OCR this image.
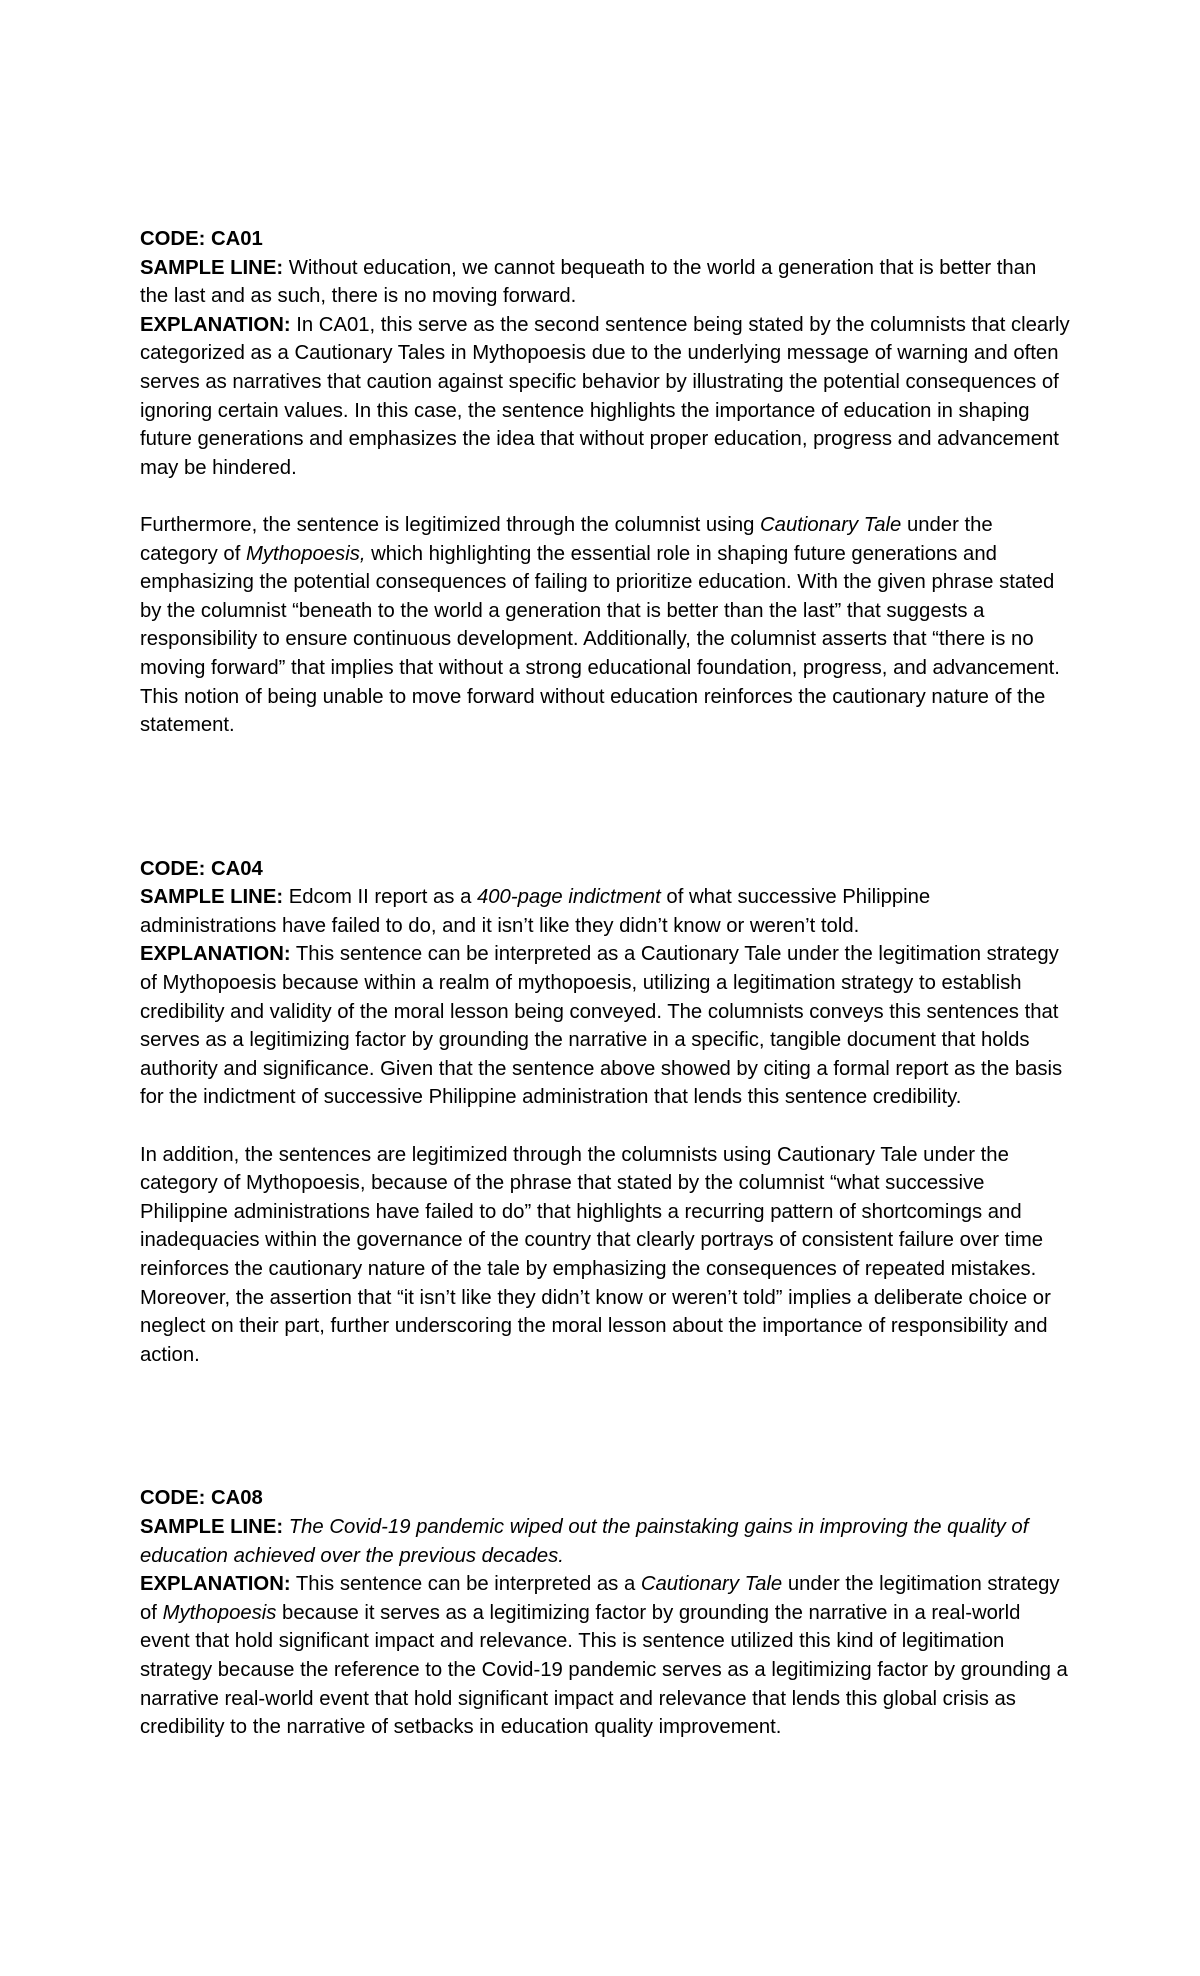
CODE: CA01

SAMPLE LINE: Without education, we cannot bequeath to the world a generation that is better than the last and as such, there is no moving forward.

EXPLANATION: In CA01, this serve as the second sentence being stated by the columnists that clearly categorized as a Cautionary Tales in Mythopoesis due to the underlying message of warning and often serves as narratives that caution against specific behavior by illustrating the potential consequences of ignoring certain values. In this case, the sentence highlights the importance of education in shaping future generations and emphasizes the idea that without proper education, progress and advancement may be hindered.

Furthermore, the sentence is legitimized through the columnist using Cautionary Tale under the category of Mythopoesis, which highlighting the essential role in shaping future generations and emphasizing the potential consequences of failing to prioritize education. With the given phrase stated by the columnist “beneath to the world a generation that is better than the last” that suggests a responsibility to ensure continuous development. Additionally, the columnist asserts that “there is no moving forward” that implies that without a strong educational foundation, progress, and advancement. This notion of being unable to move forward without education reinforces the cautionary nature of the statement.

CODE: CA04

SAMPLE LINE: Edcom II report as a 400-page indictment of what successive Philippine administrations have failed to do, and it isn’t like they didn’t know or weren’t told.

EXPLANATION: This sentence can be interpreted as a Cautionary Tale under the legitimation strategy of Mythopoesis because within a realm of mythopoesis, utilizing a legitimation strategy to establish credibility and validity of the moral lesson being conveyed. The columnists conveys this sentences that serves as a legitimizing factor by grounding the narrative in a specific, tangible document that holds authority and significance. Given that the sentence above showed by citing a formal report as the basis for the indictment of successive Philippine administration that lends this sentence credibility.

In addition, the sentences are legitimized through the columnists using Cautionary Tale under the category of Mythopoesis, because of the phrase that stated by the columnist “what successive Philippine administrations have failed to do” that highlights a recurring pattern of shortcomings and inadequacies within the governance of the country that clearly portrays of consistent failure over time reinforces the cautionary nature of the tale by emphasizing the consequences of repeated mistakes. Moreover, the assertion that “it isn’t like they didn’t know or weren’t told” implies a deliberate choice or neglect on their part, further underscoring the moral lesson about the importance of responsibility and action.

CODE: CA08

SAMPLE LINE: The Covid-19 pandemic wiped out the painstaking gains in improving the quality of education achieved over the previous decades.

EXPLANATION: This sentence can be interpreted as a Cautionary Tale under the legitimation strategy of Mythopoesis because it serves as a legitimizing factor by grounding the narrative in a real-world event that hold significant impact and relevance. This is sentence utilized this kind of legitimation strategy because the reference to the Covid-19 pandemic serves as a legitimizing factor by grounding a narrative real-world event that hold significant impact and relevance that lends this global crisis as credibility to the narrative of setbacks in education quality improvement.
